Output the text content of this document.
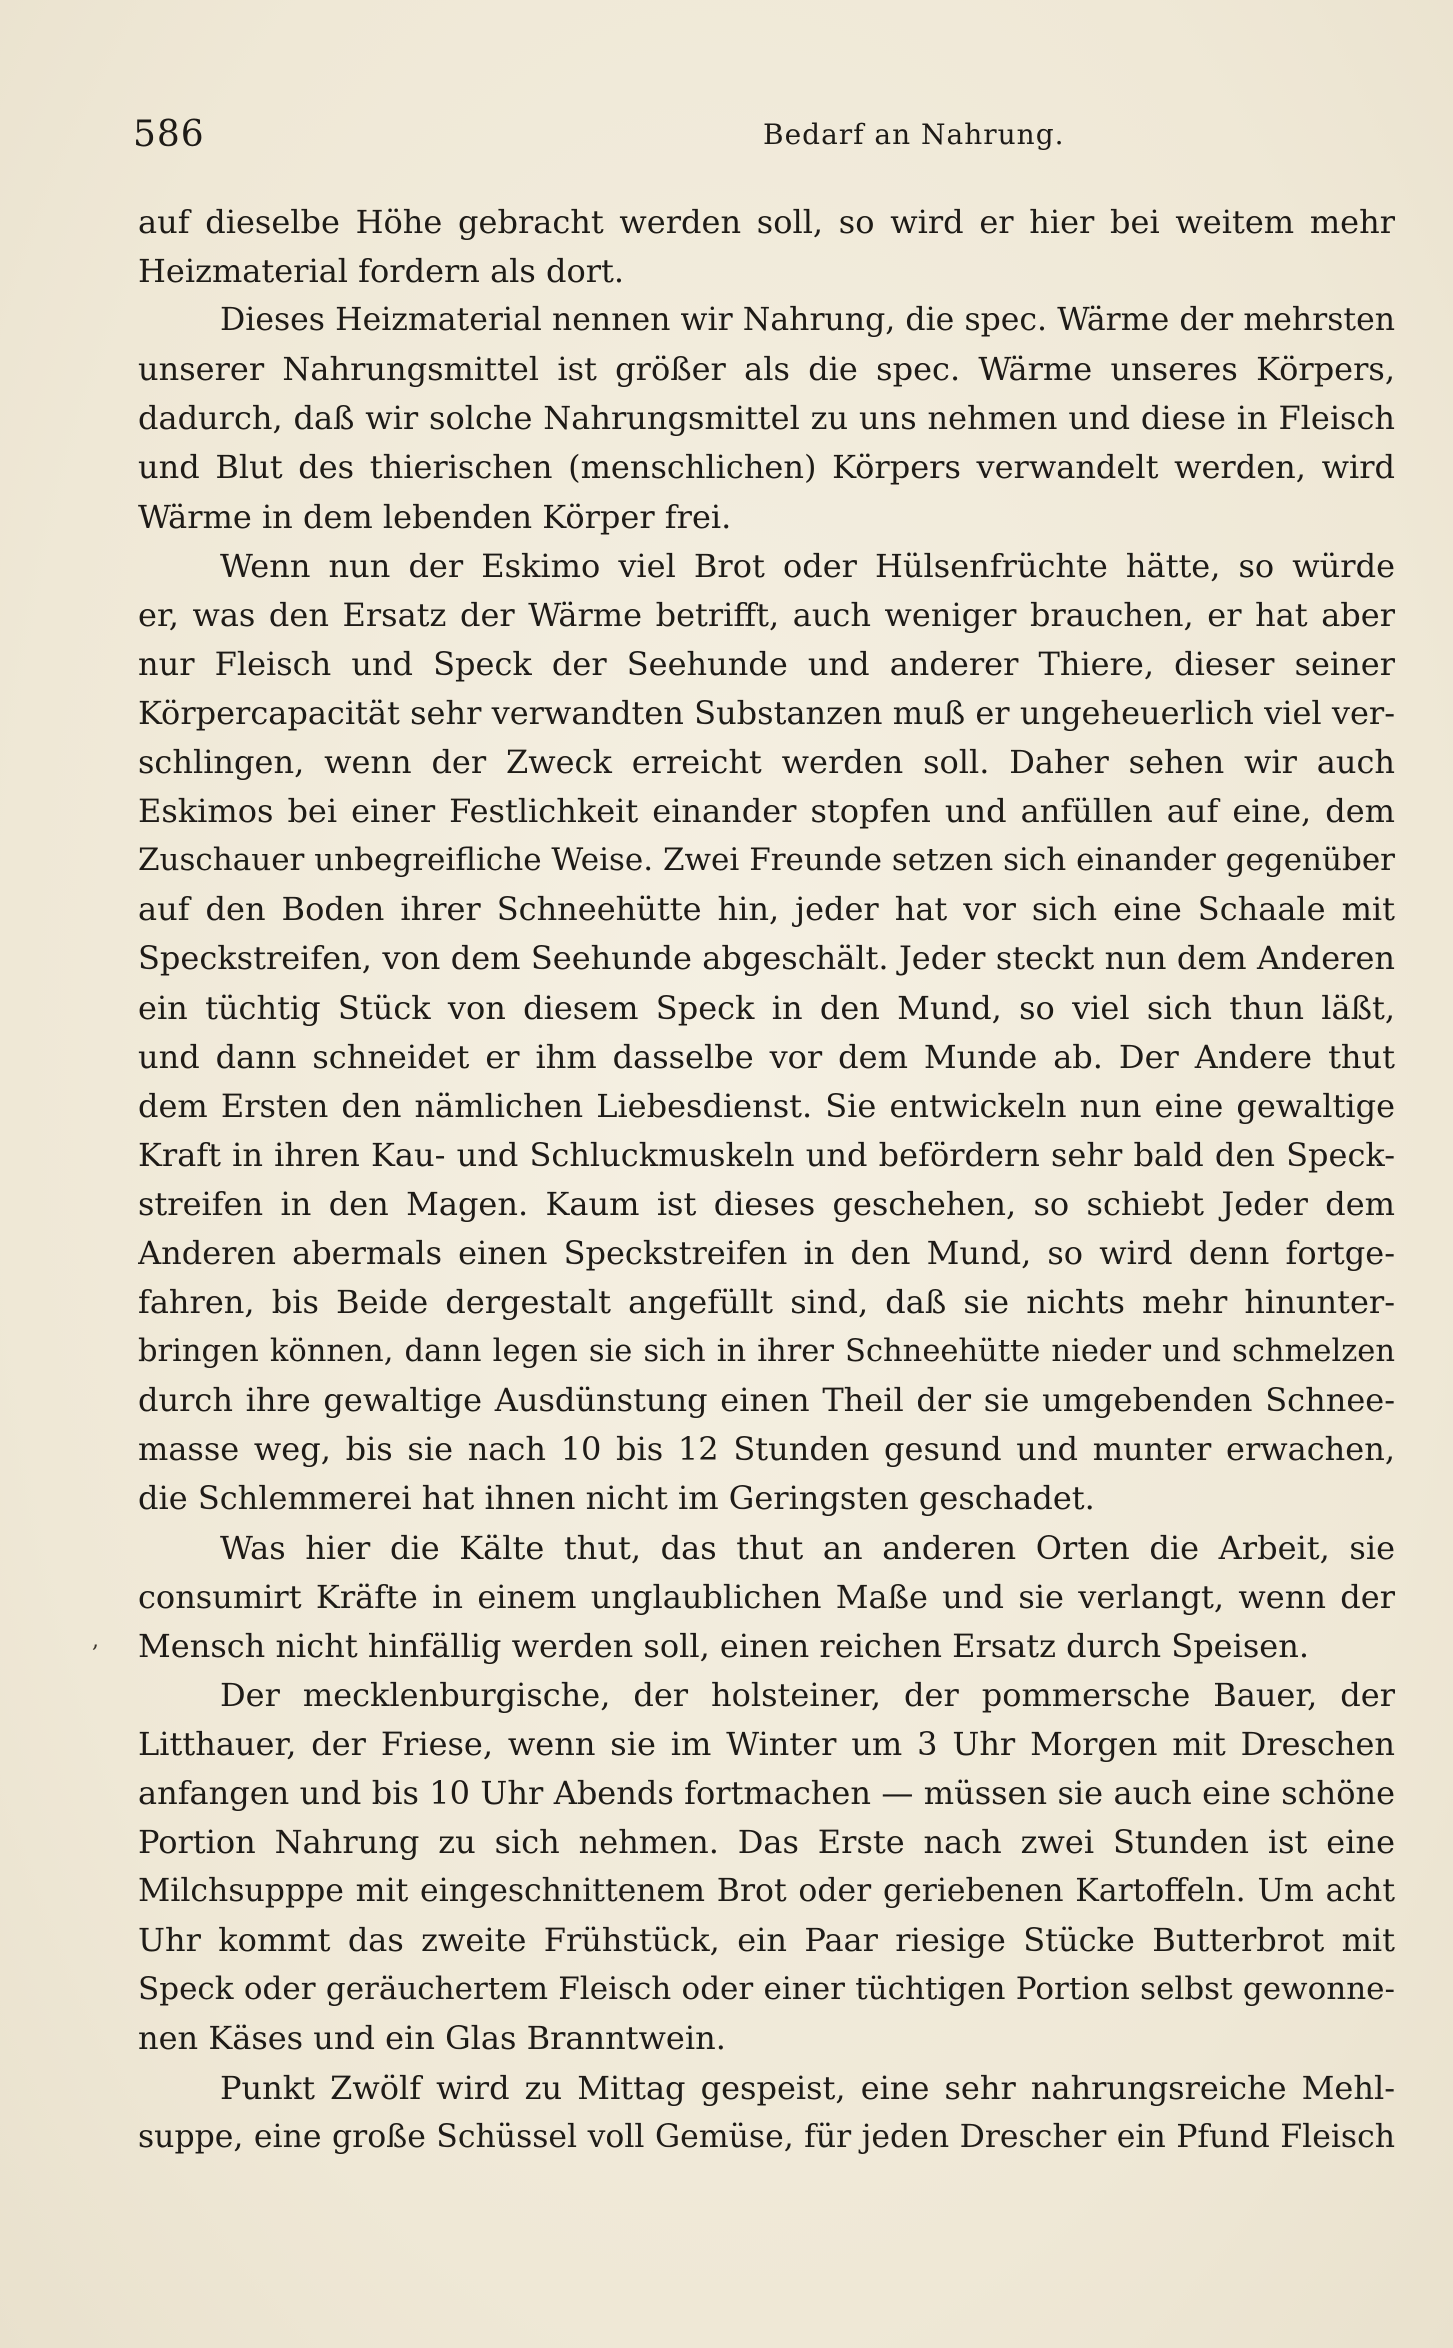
586	Bedarf an Nahrung.
,
auf dieselbe Höhe gebracht werden soll, so wird er hier bei weitem mehr
Heizmaterial fordern als dort.
Dieses Heizmaterial nennen wir Nahrung, die spec. Wärme der mehrsten
unserer Nahrungsmittel ist größer als die spec. Wärme unseres Körpers,
dadurch, daß wir solche Nahrungsmittel zu uns nehmen und diese in Fleisch
und Blut des thierischen (menschlichen) Körpers verwandelt werden, wird
Wärme in dem lebenden Körper frei.
Wenn nun der Eskimo viel Brot oder Hülsenfrüchte hätte, so würde
er, was den Ersatz der Wärme betrifft, auch weniger brauchen, er hat aber
nur Fleisch und Speck der Seehunde und anderer Thiere, dieser seiner
Körpercapacität sehr verwandten Substanzen muß er ungeheuerlich viel ver-
schlingen, wenn der Zweck erreicht werden soll. Daher sehen wir auch
Eskimos bei einer Festlichkeit einander stopfen und anfüllen auf eine, dem
Zuschauer unbegreifliche Weise. Zwei Freunde setzen sich einander gegenüber
auf den Boden ihrer Schneehütte hin, jeder hat vor sich eine Schaale mit
Speckstreifen, von dem Seehunde abgeschält. Jeder steckt nun dem Anderen
ein tüchtig Stück von diesem Speck in den Mund, so viel sich thun läßt,
und dann schneidet er ihm dasselbe vor dem Munde ab. Der Andere thut
dem Ersten den nämlichen Liebesdienst. Sie entwickeln nun eine gewaltige
Kraft in ihren Kau- und Schluckmuskeln und befördern sehr bald den Speck-
streifen in den Magen. Kaum ist dieses geschehen, so schiebt Jeder dem
Anderen abermals einen Speckstreifen in den Mund, so wird denn fortge-
fahren, bis Beide dergestalt angefüllt sind, daß sie nichts mehr hinunter-
bringen können, dann legen sie sich in ihrer Schneehütte nieder und schmelzen
durch ihre gewaltige Ausdünstung einen Theil der sie umgebenden Schnee-
masse weg, bis sie nach 10 bis 12 Stunden gesund und munter erwachen,
die Schlemmerei hat ihnen nicht im Geringsten geschadet.
Was hier die Kälte thut, das thut an anderen Orten die Arbeit, sie
consumirt Kräfte in einem unglaublichen Maße und sie verlangt, wenn der
Mensch nicht hinfällig werden soll, einen reichen Ersatz durch Speisen.
Der mecklenburgische, der holsteiner, der pommersche Bauer, der
Litthauer, der Friese, wenn sie im Winter um 3 Uhr Morgen mit Dreschen
anfangen und bis 10 Uhr Abends fortmachen — müssen sie auch eine schöne
Portion Nahrung zu sich nehmen. Das Erste nach zwei Stunden ist eine
Milchsupppe mit eingeschnittenem Brot oder geriebenen Kartoffeln. Um acht
Uhr kommt das zweite Frühstück, ein Paar riesige Stücke Butterbrot mit
Speck oder geräuchertem Fleisch oder einer tüchtigen Portion selbst gewonne-
nen Käses und ein Glas Branntwein.
Punkt Zwölf wird zu Mittag gespeist, eine sehr nahrungsreiche Mehl-
suppe, eine große Schüssel voll Gemüse, für jeden Drescher ein Pfund Fleisch
